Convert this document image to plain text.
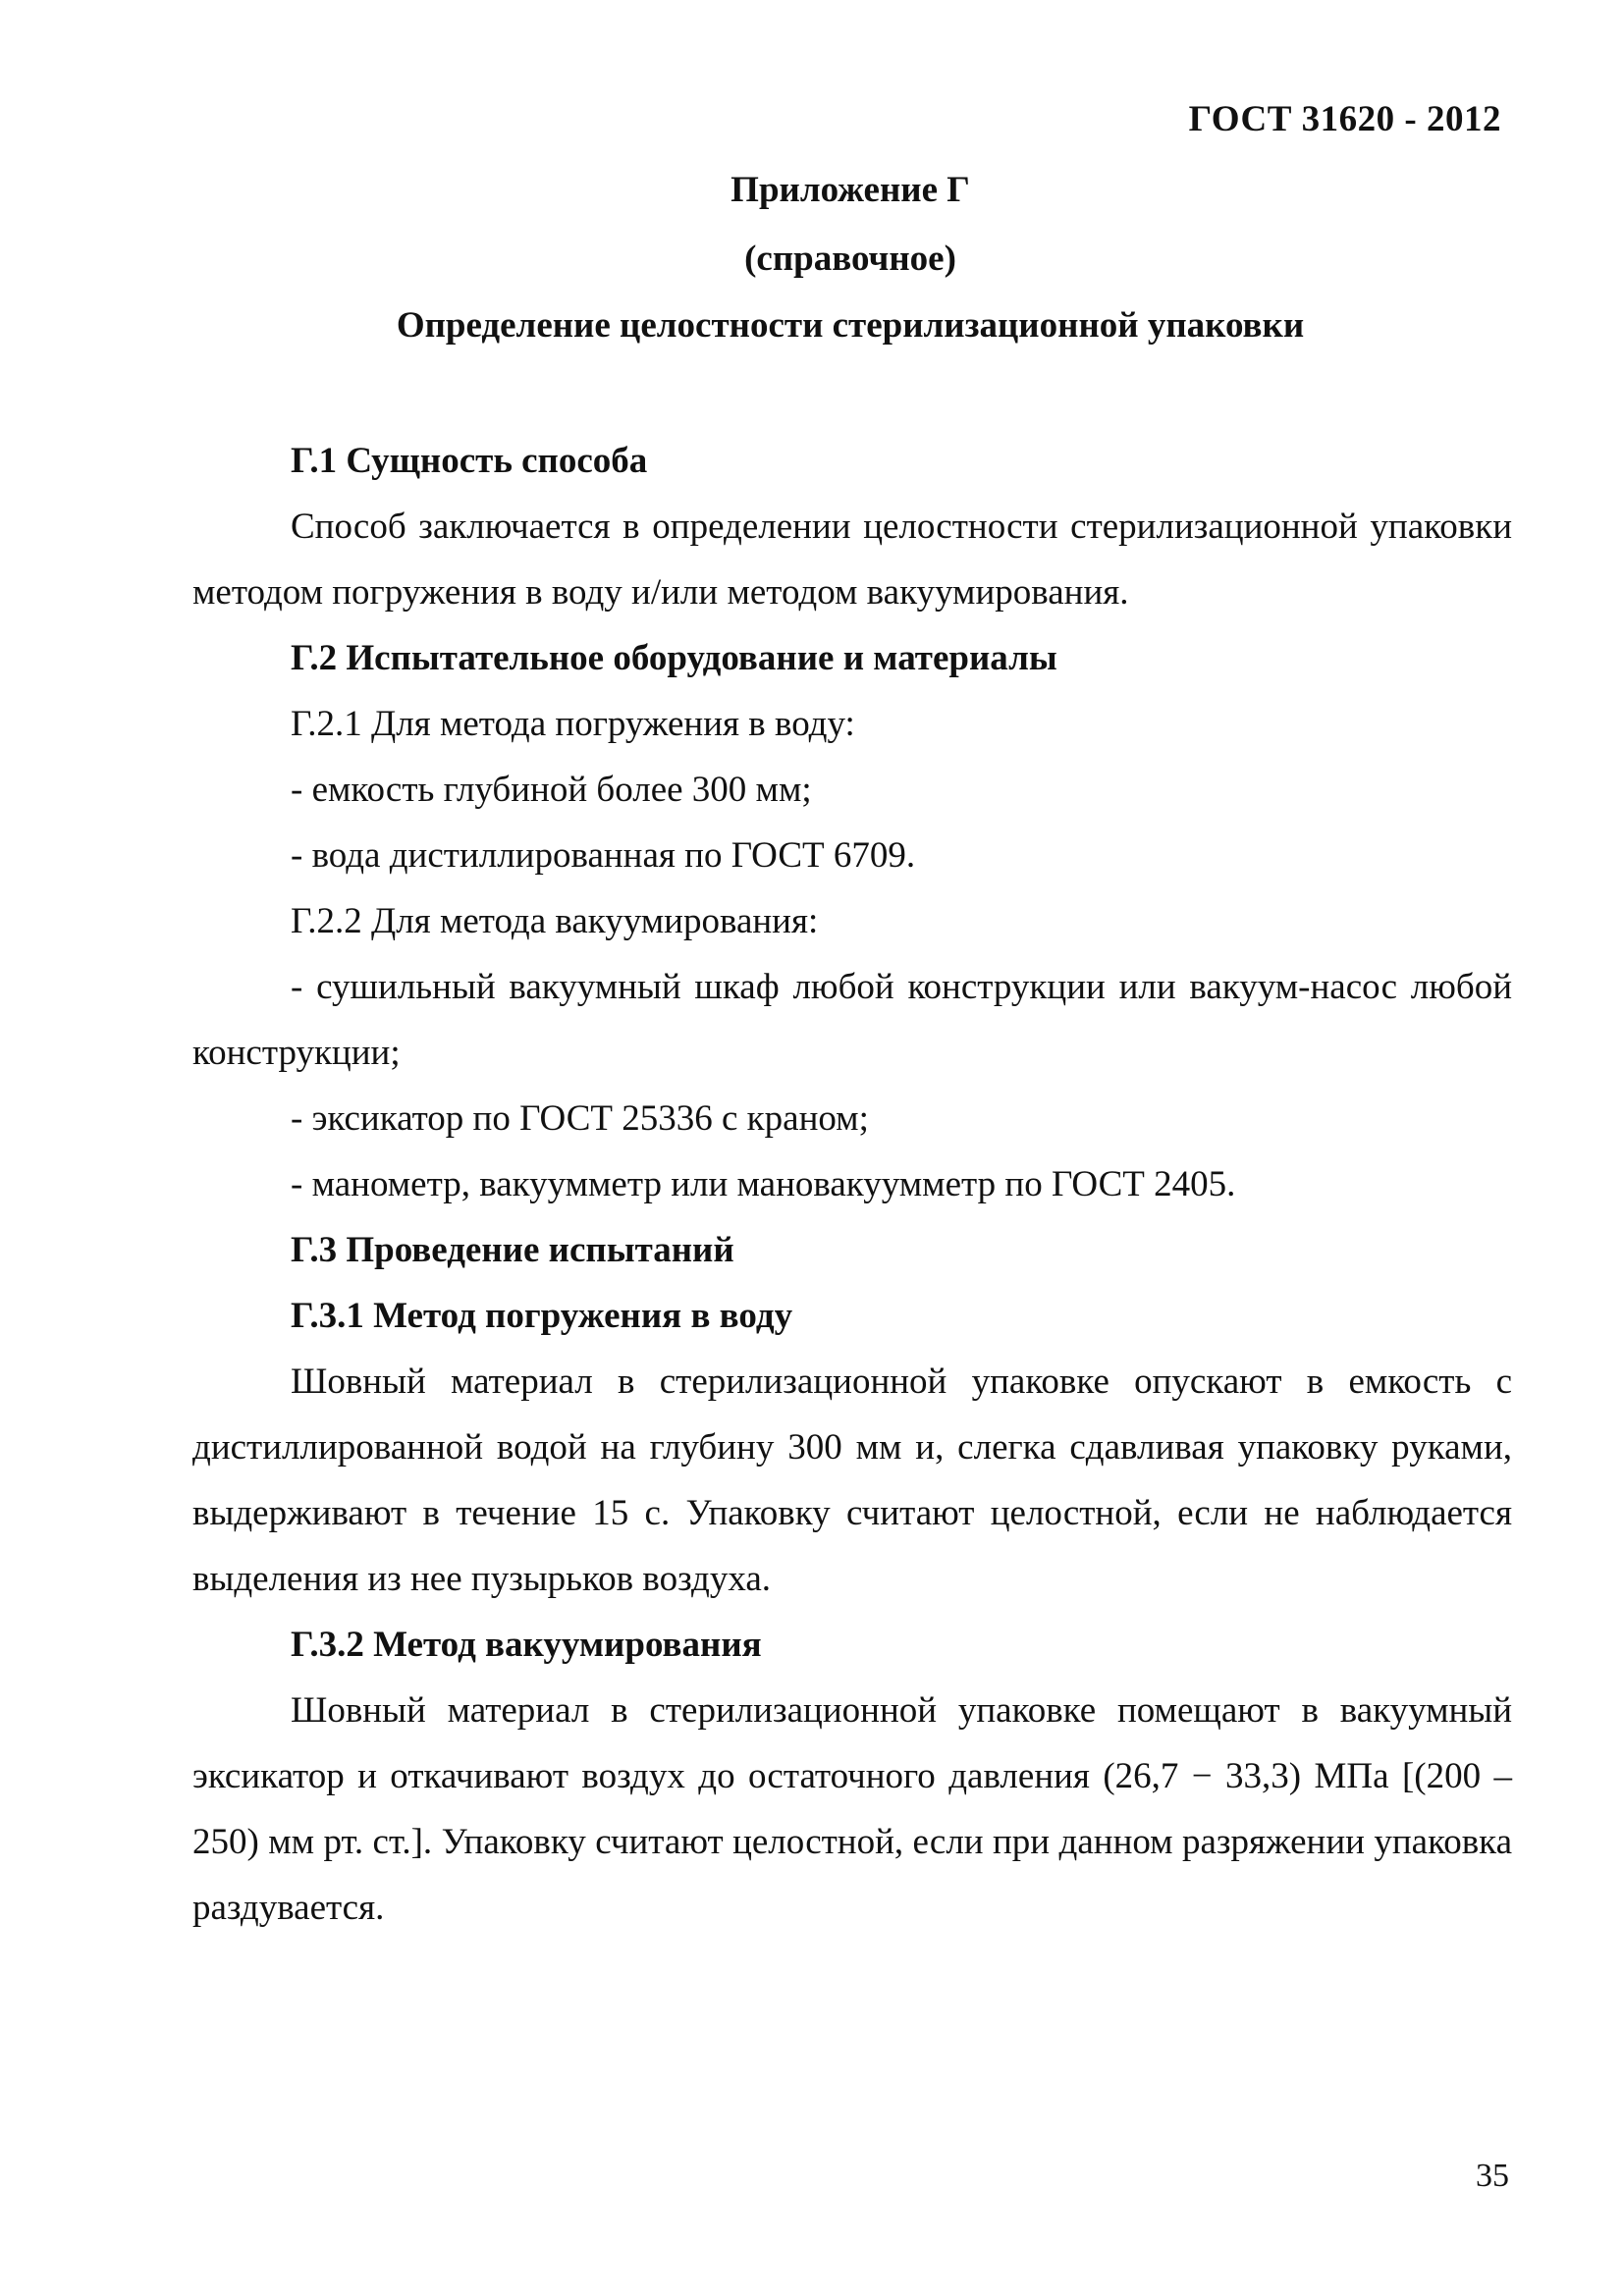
ГОСТ 31620 - 2012
Приложение Г
(справочное)
Определение целостности стерилизационной упаковки

Г.1 Сущность способа

Способ заключается в определении целостности стерилизационной упаковки методом погружения в воду и/или методом вакуумирования.

Г.2 Испытательное оборудование и материалы

Г.2.1 Для метода погружения в воду:

- емкость глубиной более 300 мм;

- вода дистиллированная по ГОСТ 6709.

Г.2.2 Для метода вакуумирования:

- сушильный вакуумный шкаф любой конструкции или вакуум-насос любой конструкции;

- эксикатор по ГОСТ 25336 с краном;

- манометр, вакуумметр или мановакуумметр по ГОСТ 2405.

Г.3 Проведение испытаний

Г.3.1 Метод погружения в воду

Шовный материал в стерилизационной упаковке опускают в емкость с дистиллированной водой на глубину 300 мм и, слегка сдавливая упаковку руками, выдерживают в течение 15 с. Упаковку считают целостной, если не наблюдается выделения из нее пузырьков воздуха.

Г.3.2 Метод вакуумирования

Шовный материал в стерилизационной упаковке помещают в вакуумный эксикатор и откачивают воздух до остаточного давления (26,7 − 33,3) МПа [(200 – 250) мм рт. ст.]. Упаковку считают целостной, если при данном разряжении упаковка раздувается.

35
